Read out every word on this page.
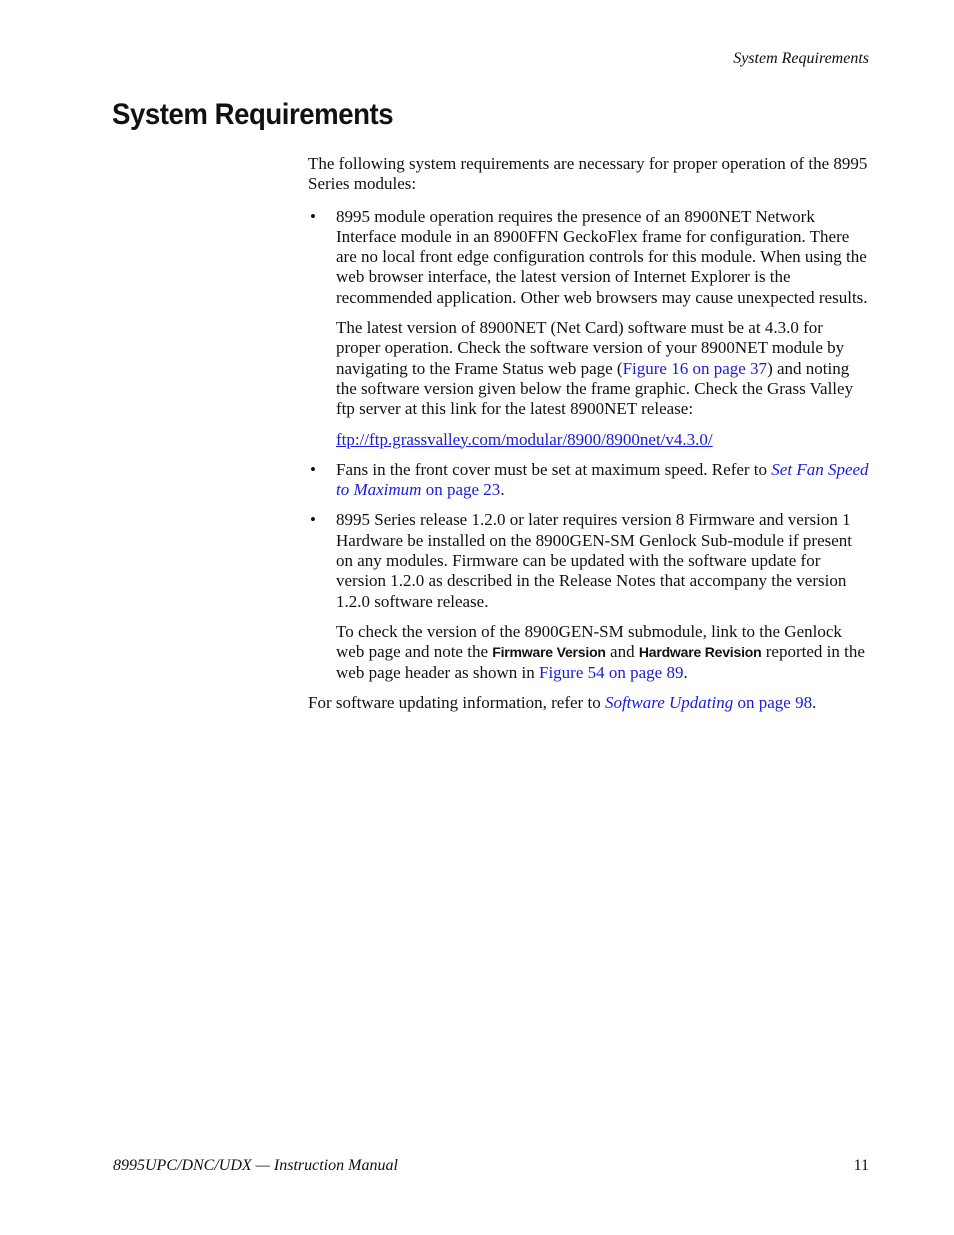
System Requirements
System Requirements

The following system requirements are necessary for proper operation of the 8995 Series modules:

• 8995 module operation requires the presence of an 8900NET Network Interface module in an 8900FFN GeckoFlex frame for configuration. There are no local front edge configuration controls for this module. When using the web browser interface, the latest version of Internet Explorer is the recommended application. Other web browsers may cause unexpected results.

The latest version of 8900NET (Net Card) software must be at 4.3.0 for proper operation. Check the software version of your 8900NET module by navigating to the Frame Status web page (Figure 16 on page 37) and noting the software version given below the frame graphic. Check the Grass Valley ftp server at this link for the latest 8900NET release:

ftp://ftp.grassvalley.com/modular/8900/8900net/v4.3.0/

• Fans in the front cover must be set at maximum speed. Refer to Set Fan Speed to Maximum on page 23.

• 8995 Series release 1.2.0 or later requires version 8 Firmware and version 1 Hardware be installed on the 8900GEN-SM Genlock Sub-module if present on any modules. Firmware can be updated with the software update for version 1.2.0 as described in the Release Notes that accompany the version 1.2.0 software release.

To check the version of the 8900GEN-SM submodule, link to the Genlock web page and note the Firmware Version and Hardware Revision reported in the web page header as shown in Figure 54 on page 89.

For software updating information, refer to Software Updating on page 98.

8995UPC/DNC/UDX — Instruction Manual	11
